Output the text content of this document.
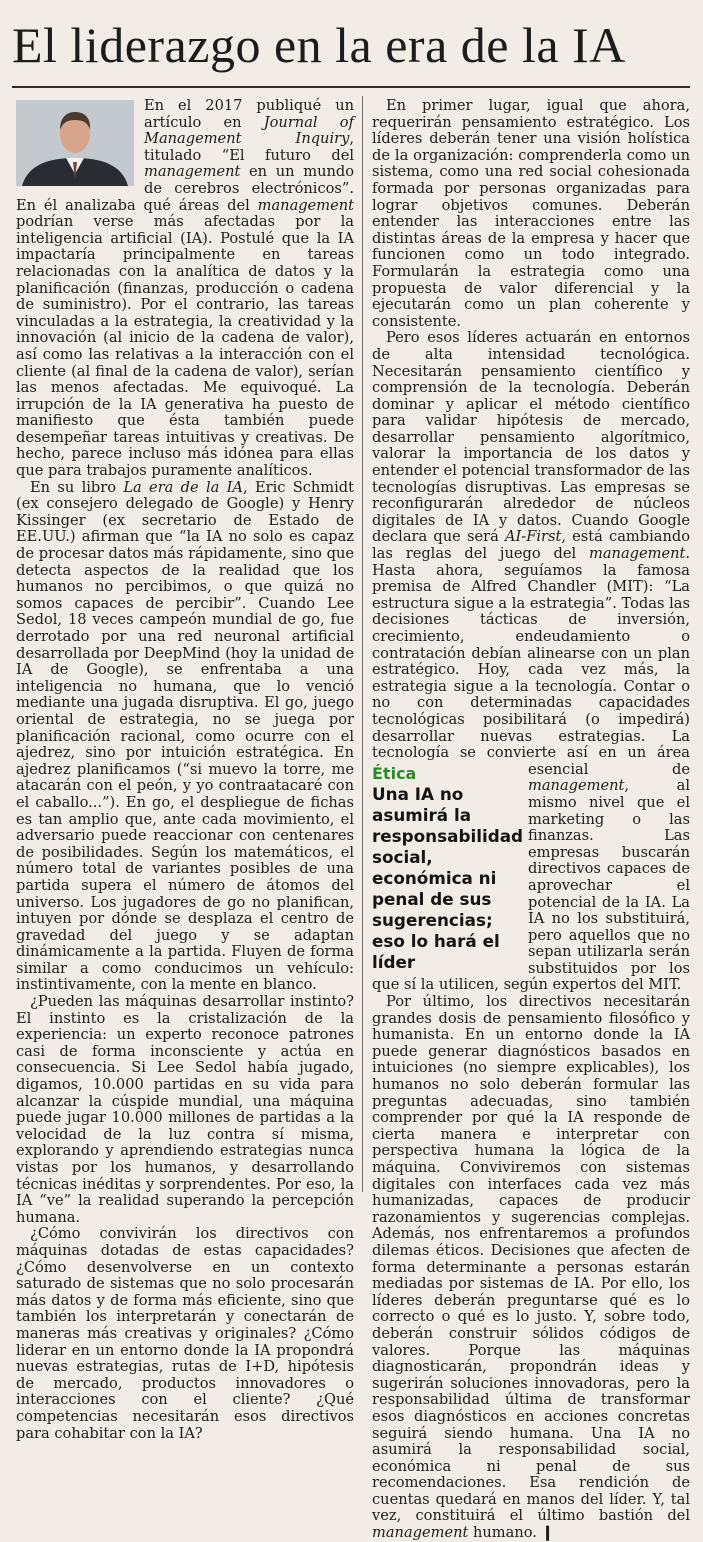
El liderazgo en la era de la IA

En el 2017 publiqué un artículo en Journal of Management Inquiry, titulado “El futuro del management en un mundo de cerebros electrónicos”. En él analizaba qué áreas del management podrían verse más afectadas por la inteligencia artificial (IA). Postulé que la IA impactaría principalmente en tareas relacionadas con la analítica de datos y la planificación (finanzas, producción o cadena de suministro). Por el contrario, las tareas vinculadas a la estrategia, la creatividad y la innovación (al inicio de la cadena de valor), así como las relativas a la interacción con el cliente (al final de la cadena de valor), serían las menos afectadas. Me equivoqué. La irrupción de la IA generativa ha puesto de manifiesto que ésta también puede desempeñar tareas intuitivas y creativas. De hecho, parece incluso más idónea para ellas que para trabajos puramente analíticos.

En su libro La era de la IA, Eric Schmidt (ex consejero delegado de Google) y Henry Kissinger (ex secretario de Estado de EE.UU.) afirman que “la IA no solo es capaz de procesar datos más rápidamente, sino que detecta aspectos de la realidad que los humanos no percibimos, o que quizá no somos capaces de percibir”. Cuando Lee Sedol, 18 veces campeón mundial de go, fue derrotado por una red neuronal artificial desarrollada por DeepMind (hoy la unidad de IA de Google), se enfrentaba a una inteligencia no humana, que lo venció mediante una jugada disruptiva. El go, juego oriental de estrategia, no se juega por planificación racional, como ocurre con el ajedrez, sino por intuición estratégica. En ajedrez planificamos (“si muevo la torre, me atacarán con el peón, y yo contraatacaré con el caballo...”). En go, el despliegue de fichas es tan amplio que, ante cada movimiento, el adversario puede reaccionar con centenares de posibilidades. Según los matemáticos, el número total de variantes posibles de una partida supera el número de átomos del universo. Los jugadores de go no planifican, intuyen por dónde se desplaza el centro de gravedad del juego y se adaptan dinámicamente a la partida. Fluyen de forma similar a como conducimos un vehículo: instintivamente, con la mente en blanco.

¿Pueden las máquinas desarrollar instinto? El instinto es la cristalización de la experiencia: un experto reconoce patrones casi de forma inconsciente y actúa en consecuencia. Si Lee Sedol había jugado, digamos, 10.000 partidas en su vida para alcanzar la cúspide mundial, una máquina puede jugar 10.000 millones de partidas a la velocidad de la luz contra sí misma, explorando y aprendiendo estrategias nunca vistas por los humanos, y desarrollando técnicas inéditas y sorprendentes. Por eso, la IA “ve” la realidad superando la percepción humana.

¿Cómo convivirán los directivos con máquinas dotadas de estas capacidades? ¿Cómo desenvolverse en un contexto saturado de sistemas que no solo procesarán más datos y de forma más eficiente, sino que también los interpretarán y conectarán de maneras más creativas y originales? ¿Cómo liderar en un entorno donde la IA propondrá nuevas estrategias, rutas de I+D, hipótesis de mercado, productos innovadores o interacciones con el cliente? ¿Qué competencias necesitarán esos directivos para cohabitar con la IA?

En primer lugar, igual que ahora, requerirán pensamiento estratégico. Los líderes deberán tener una visión holística de la organización: comprenderla como un sistema, como una red social cohesionada formada por personas organizadas para lograr objetivos comunes. Deberán entender las interacciones entre las distintas áreas de la empresa y hacer que funcionen como un todo integrado. Formularán la estrategia como una propuesta de valor diferencial y la ejecutarán como un plan coherente y consistente.

Pero esos líderes actuarán en entornos de alta intensidad tecnológica. Necesitarán pensamiento científico y comprensión de la tecnología. Deberán dominar y aplicar el método científico para validar hipótesis de mercado, desarrollar pensamiento algorítmico, valorar la importancia de los datos y entender el potencial transformador de las tecnologías disruptivas. Las empresas se reconfigurarán alrededor de núcleos digitales de IA y datos. Cuando Google declara que será AI-First, está cambiando las reglas del juego del management. Hasta ahora, seguíamos la famosa premisa de Alfred Chandler (MIT): “La estructura sigue a la estrategia”. Todas las decisiones tácticas de inversión, crecimiento, endeudamiento o contratación debían alinearse con un plan estratégico. Hoy, cada vez más, la estrategia sigue a la tecnología. Contar o no con determinadas capacidades tecnológicas posibilitará (o impedirá) desarrollar nuevas estrategias. La tecnología se convierte así en un área esencial de
Ética
Una IA no asumirá la responsabilidad social, económica ni penal de sus sugerencias; eso lo hará el líder
management, al mismo nivel que el marketing o las finanzas. Las empresas buscarán directivos capaces de aprovechar el potencial de la IA. La IA no los substituirá, pero aquellos que no sepan utilizarla serán substituidos por los que sí la utilicen, según expertos del MIT.

Por último, los directivos necesitarán grandes dosis de pensamiento filosófico y humanista. En un entorno donde la IA puede generar diagnósticos basados en intuiciones (no siempre explicables), los humanos no solo deberán formular las preguntas adecuadas, sino también comprender por qué la IA responde de cierta manera e interpretar con perspectiva humana la lógica de la máquina. Conviviremos con sistemas digitales con interfaces cada vez más humanizadas, capaces de producir razonamientos y sugerencias complejas. Además, nos enfrentaremos a profundos dilemas éticos. Decisiones que afecten de forma determinante a personas estarán mediadas por sistemas de IA. Por ello, los líderes deberán preguntarse qué es lo correcto o qué es lo justo. Y, sobre todo, deberán construir sólidos códigos de valores. Porque las máquinas diagnosticarán, propondrán ideas y sugerirán soluciones innovadoras, pero la responsabilidad última de transformar esos diagnósticos en acciones concretas seguirá siendo humana. Una IA no asumirá la responsabilidad social, económica ni penal de sus recomendaciones. Esa rendición de cuentas quedará en manos del líder. Y, tal vez, constituirá el último bastión del management humano. ❙
